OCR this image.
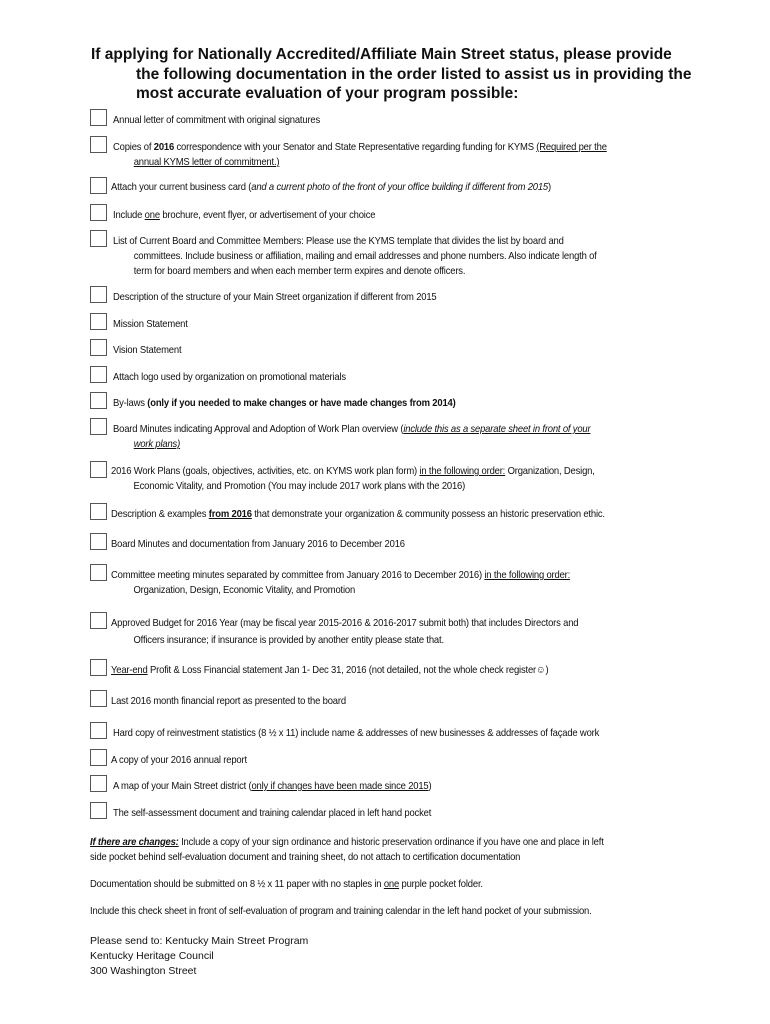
If applying for Nationally Accredited/Affiliate Main Street status, please provide
the following documentation in the order listed to assist us in providing the
most accurate evaluation of your program possible:
Annual letter of commitment with original signatures
Copies of 2016 correspondence with your Senator and State Representative regarding funding for KYMS (Required per the
annual KYMS letter of commitment.)
Attach your current business card (and a current photo of the front of your office building if different from 2015)
Include one brochure, event flyer, or advertisement of your choice
List of Current Board and Committee Members: Please use the KYMS template that divides the list by board and
committees. Include business or affiliation, mailing and email addresses and phone numbers. Also indicate length of
term for board members and when each member term expires and denote officers.
Description of the structure of your Main Street organization if different from 2015
Mission Statement
Vision Statement
Attach logo used by organization on promotional materials
By-laws (only if you needed to make changes or have made changes from 2014)
Board Minutes indicating Approval and Adoption of Work Plan overview (include this as a separate sheet in front of your
work plans)
2016 Work Plans (goals, objectives, activities, etc. on KYMS work plan form) in the following order: Organization, Design,
Economic Vitality, and Promotion (You may include 2017 work plans with the 2016)
Description & examples from 2016 that demonstrate your organization & community possess an historic preservation ethic.
Board Minutes and documentation from January 2016 to December 2016
Committee meeting minutes separated by committee from January 2016 to December 2016) in the following order:
Organization, Design, Economic Vitality, and Promotion
Approved Budget for 2016 Year (may be fiscal year 2015-2016 & 2016-2017 submit both) that includes Directors and
Officers insurance; if insurance is provided by another entity please state that.
Year-end Profit & Loss Financial statement Jan 1- Dec 31, 2016 (not detailed, not the whole check register☺)
Last 2016 month financial report as presented to the board
Hard copy of reinvestment statistics (8 ½ x 11) include name & addresses of new businesses & addresses of façade work
A copy of your 2016 annual report
A map of your Main Street district (only if changes have been made since 2015)
The self-assessment document and training calendar placed in left hand pocket
If there are changes: Include a copy of your sign ordinance and historic preservation ordinance if you have one and place in left
side pocket behind self-evaluation document and training sheet, do not attach to certification documentation
Documentation should be submitted on 8 ½ x 11 paper with no staples in one purple pocket folder.
Include this check sheet in front of self-evaluation of program and training calendar in the left hand pocket of your submission.
Please send to: Kentucky Main Street Program
Kentucky Heritage Council
300 Washington Street
